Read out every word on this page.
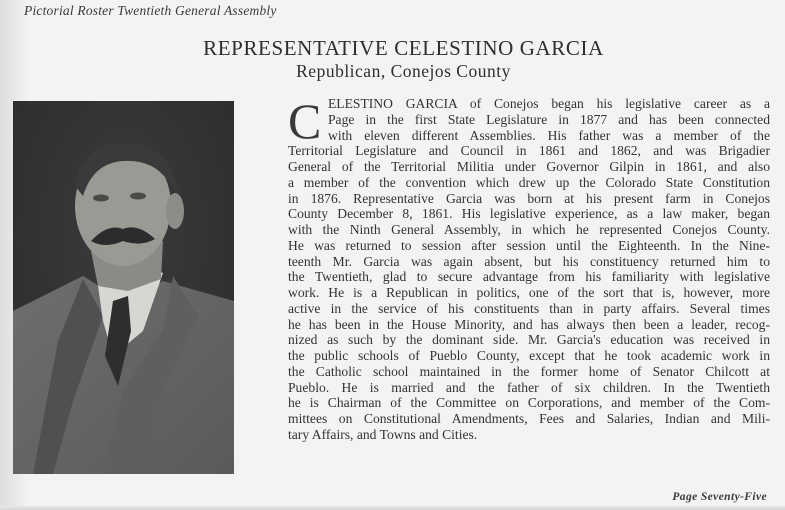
Pictorial Roster Twentieth General Assembly
REPRESENTATIVE CELESTINO GARCIA
Republican, Conejos County
C ELESTINO GARCIA of Conejos began his legislative career as a
Page in the first State Legislature in 1877 and has been connected
with eleven different Assemblies. His father was a member of the
Territorial Legislature and Council in 1861 and 1862, and was Brigadier
General of the Territorial Militia under Governor Gilpin in 1861, and also
a member of the convention which drew up the Colorado State Constitution
in 1876. Representative Garcia was born at his present farm in Conejos
County December 8, 1861. His legislative experience, as a law maker, began
with the Ninth General Assembly, in which he represented Conejos County.
He was returned to session after session until the Eighteenth. In the Nine-
teenth Mr. Garcia was again absent, but his constituency returned him to
the Twentieth, glad to secure advantage from his familiarity with legislative
work. He is a Republican in politics, one of the sort that is, however, more
active in the service of his constituents than in party affairs. Several times
he has been in the House Minority, and has always then been a leader, recog-
nized as such by the dominant side. Mr. Garcia's education was received in
the public schools of Pueblo County, except that he took academic work in
the Catholic school maintained in the former home of Senator Chilcott at
Pueblo. He is married and the father of six children. In the Twentieth
he is Chairman of the Committee on Corporations, and member of the Com-
mittees on Constitutional Amendments, Fees and Salaries, Indian and Mili-
tary Affairs, and Towns and Cities.
Page Seventy-Five
